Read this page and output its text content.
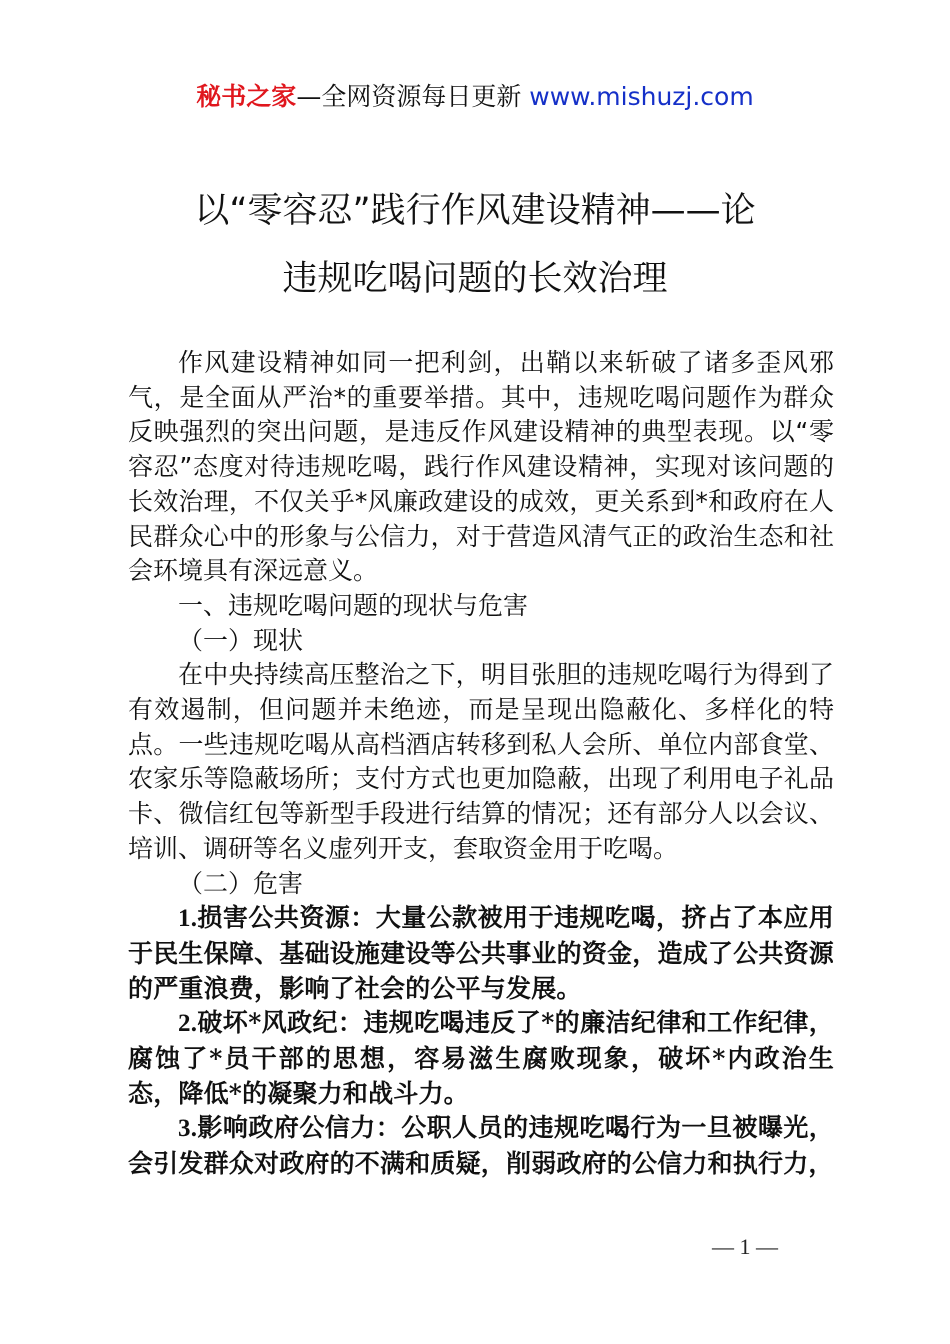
秘书之家—全网资源每日更新 www.mishuzj.com
以“零容忍”践行作风建设精神——论
违规吃喝问题的长效治理

作风建设精神如同一把利剑，出鞘以来斩破了诸多歪风邪气，是全面从严治*的重要举措。其中，违规吃喝问题作为群众反映强烈的突出问题，是违反作风建设精神的典型表现。以“零容忍”态度对待违规吃喝，践行作风建设精神，实现对该问题的长效治理，不仅关乎*风廉政建设的成效，更关系到*和政府在人民群众心中的形象与公信力，对于营造风清气正的政治生态和社会环境具有深远意义。

一、违规吃喝问题的现状与危害

（一）现状

在中央持续高压整治之下，明目张胆的违规吃喝行为得到了有效遏制，但问题并未绝迹，而是呈现出隐蔽化、多样化的特点。一些违规吃喝从高档酒店转移到私人会所、单位内部食堂、农家乐等隐蔽场所；支付方式也更加隐蔽，出现了利用电子礼品卡、微信红包等新型手段进行结算的情况；还有部分人以会议、培训、调研等名义虚列开支，套取资金用于吃喝。

（二）危害

1.损害公共资源：大量公款被用于违规吃喝，挤占了本应用于民生保障、基础设施建设等公共事业的资金，造成了公共资源的严重浪费，影响了社会的公平与发展。

2.破坏*风政纪：违规吃喝违反了*的廉洁纪律和工作纪律，腐蚀了*员干部的思想，容易滋生腐败现象，破坏*内政治生态，降低*的凝聚力和战斗力。

3.影响政府公信力：公职人员的违规吃喝行为一旦被曝光，会引发群众对政府的不满和质疑，削弱政府的公信力和执行力，

— 1 —
